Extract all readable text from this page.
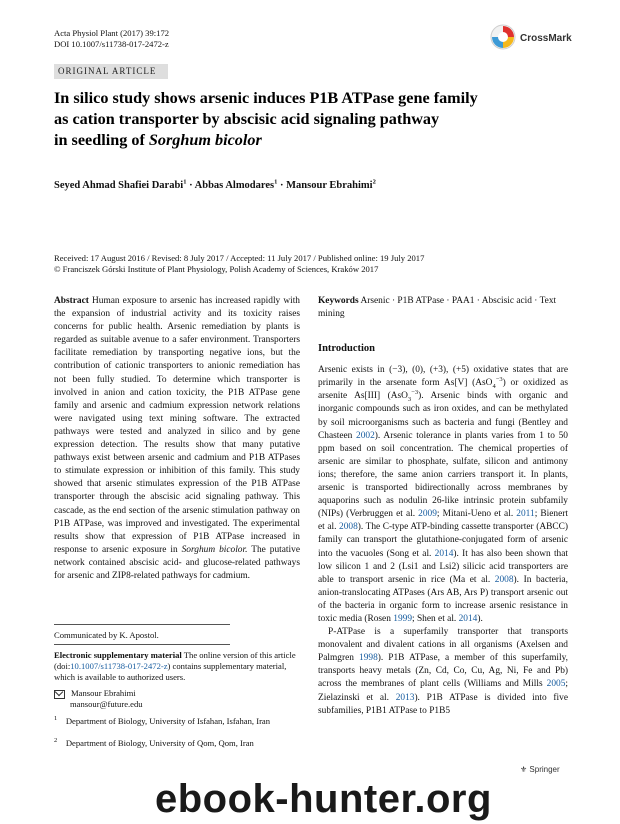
Acta Physiol Plant (2017) 39:172
DOI 10.1007/s11738-017-2472-z	CrossMark
ORIGINAL ARTICLE
In silico study shows arsenic induces P1B ATPase gene family
as cation transporter by abscisic acid signaling pathway
in seedling of Sorghum bicolor
Seyed Ahmad Shafiei Darabi$^1$ · Abbas Almodares$^1$ · Mansour Ebrahimi$^2$
Received: 17 August 2016 / Revised: 8 July 2017 / Accepted: 11 July 2017 / Published online: 19 July 2017
© Franciszek Górski Institute of Plant Physiology, Polish Academy of Sciences, Kraków 2017
Abstract Human exposure to arsenic has increased rapidly with the expansion of industrial activity and its toxicity raises concerns for public health. Arsenic remediation by plants is regarded as suitable avenue to a safer environment. Transporters facilitate remediation by transporting negative ions, but the contribution of cationic transporters to anionic remediation has not been fully studied. To determine which transporter is involved in anion and cation toxicity, the P1B ATPase gene family and arsenic and cadmium expression network relations were navigated using text mining software. The extracted pathways were tested and analyzed in silico and by gene expression detection. The results show that many putative pathways exist between arsenic and cadmium and P1B ATPases to stimulate expression or inhibition of this family. This study showed that arsenic stimulates expression of the P1B ATPase transporter through the abscisic acid signaling pathway. This cascade, as the end section of the arsenic stimulation pathway on P1B ATPase, was improved and investigated. The experimental results show that expression of P1B ATPase increased in response to arsenic exposure in Sorghum bicolor. The putative network contained abscisic acid- and glucose-related pathways for arsenic and ZIP8-related pathways for cadmium.
Keywords Arsenic · P1B ATPase · PAA1 · Abscisic acid · Text mining
Introduction
Arsenic exists in (−3), (0), (+3), (+5) oxidative states that are primarily in the arsenate form As[V] (AsO$_4^{-3}$) or oxidized as arsenite As[III] (AsO$_3^{-3}$). Arsenic binds with organic and inorganic compounds such as iron oxides, and can be methylated by soil microorganisms such as bacteria and fungi (Bentley and Chasteen 2002). Arsenic tolerance in plants varies from 1 to 50 ppm based on soil concentration. The chemical properties of arsenic are similar to phosphate, sulfate, silicon and antimony ions; therefore, the same anion carriers transport it. In plants, arsenic is transported bidirectionally across membranes by aquaporins such as nodulin 26-like intrinsic protein subfamily (NIPs) (Verbruggen et al. 2009; Mitani-Ueno et al. 2011; Bienert et al. 2008). The C-type ATP-binding cassette transporter (ABCC) family can transport the glutathione-conjugated form of arsenic into the vacuoles (Song et al. 2014). It has also been shown that low silicon 1 and 2 (Lsi1 and Lsi2) silicic acid transporters are able to transport arsenic in rice (Ma et al. 2008). In bacteria, anion-translocating ATPases (Ars AB, Ars P) transport arsenic out of the bacteria in organic form to increase arsenic resistance in toxic media (Rosen 1999; Shen et al. 2014).
P-ATPase is a superfamily transporter that transports monovalent and divalent cations in all organisms (Axelsen and Palmgren 1998). P1B ATPase, a member of this superfamily, transports heavy metals (Zn, Cd, Co, Cu, Ag, Ni, Fe and Pb) across the membranes of plant cells (Williams and Mills 2005; Zielazinski et al. 2013). P1B ATPase is divided into five subfamilies, P1B1 ATPase to P1B5
Communicated by K. Apostol.
Electronic supplementary material The online version of this article (doi:10.1007/s11738-017-2472-z) contains supplementary material, which is available to authorized users.
Mansour Ebrahimi
mansour@future.edu
$^1$ Department of Biology, University of Isfahan, Isfahan, Iran
$^2$ Department of Biology, University of Qom, Qom, Iran
⚜ Springer
ebook-hunter.org
